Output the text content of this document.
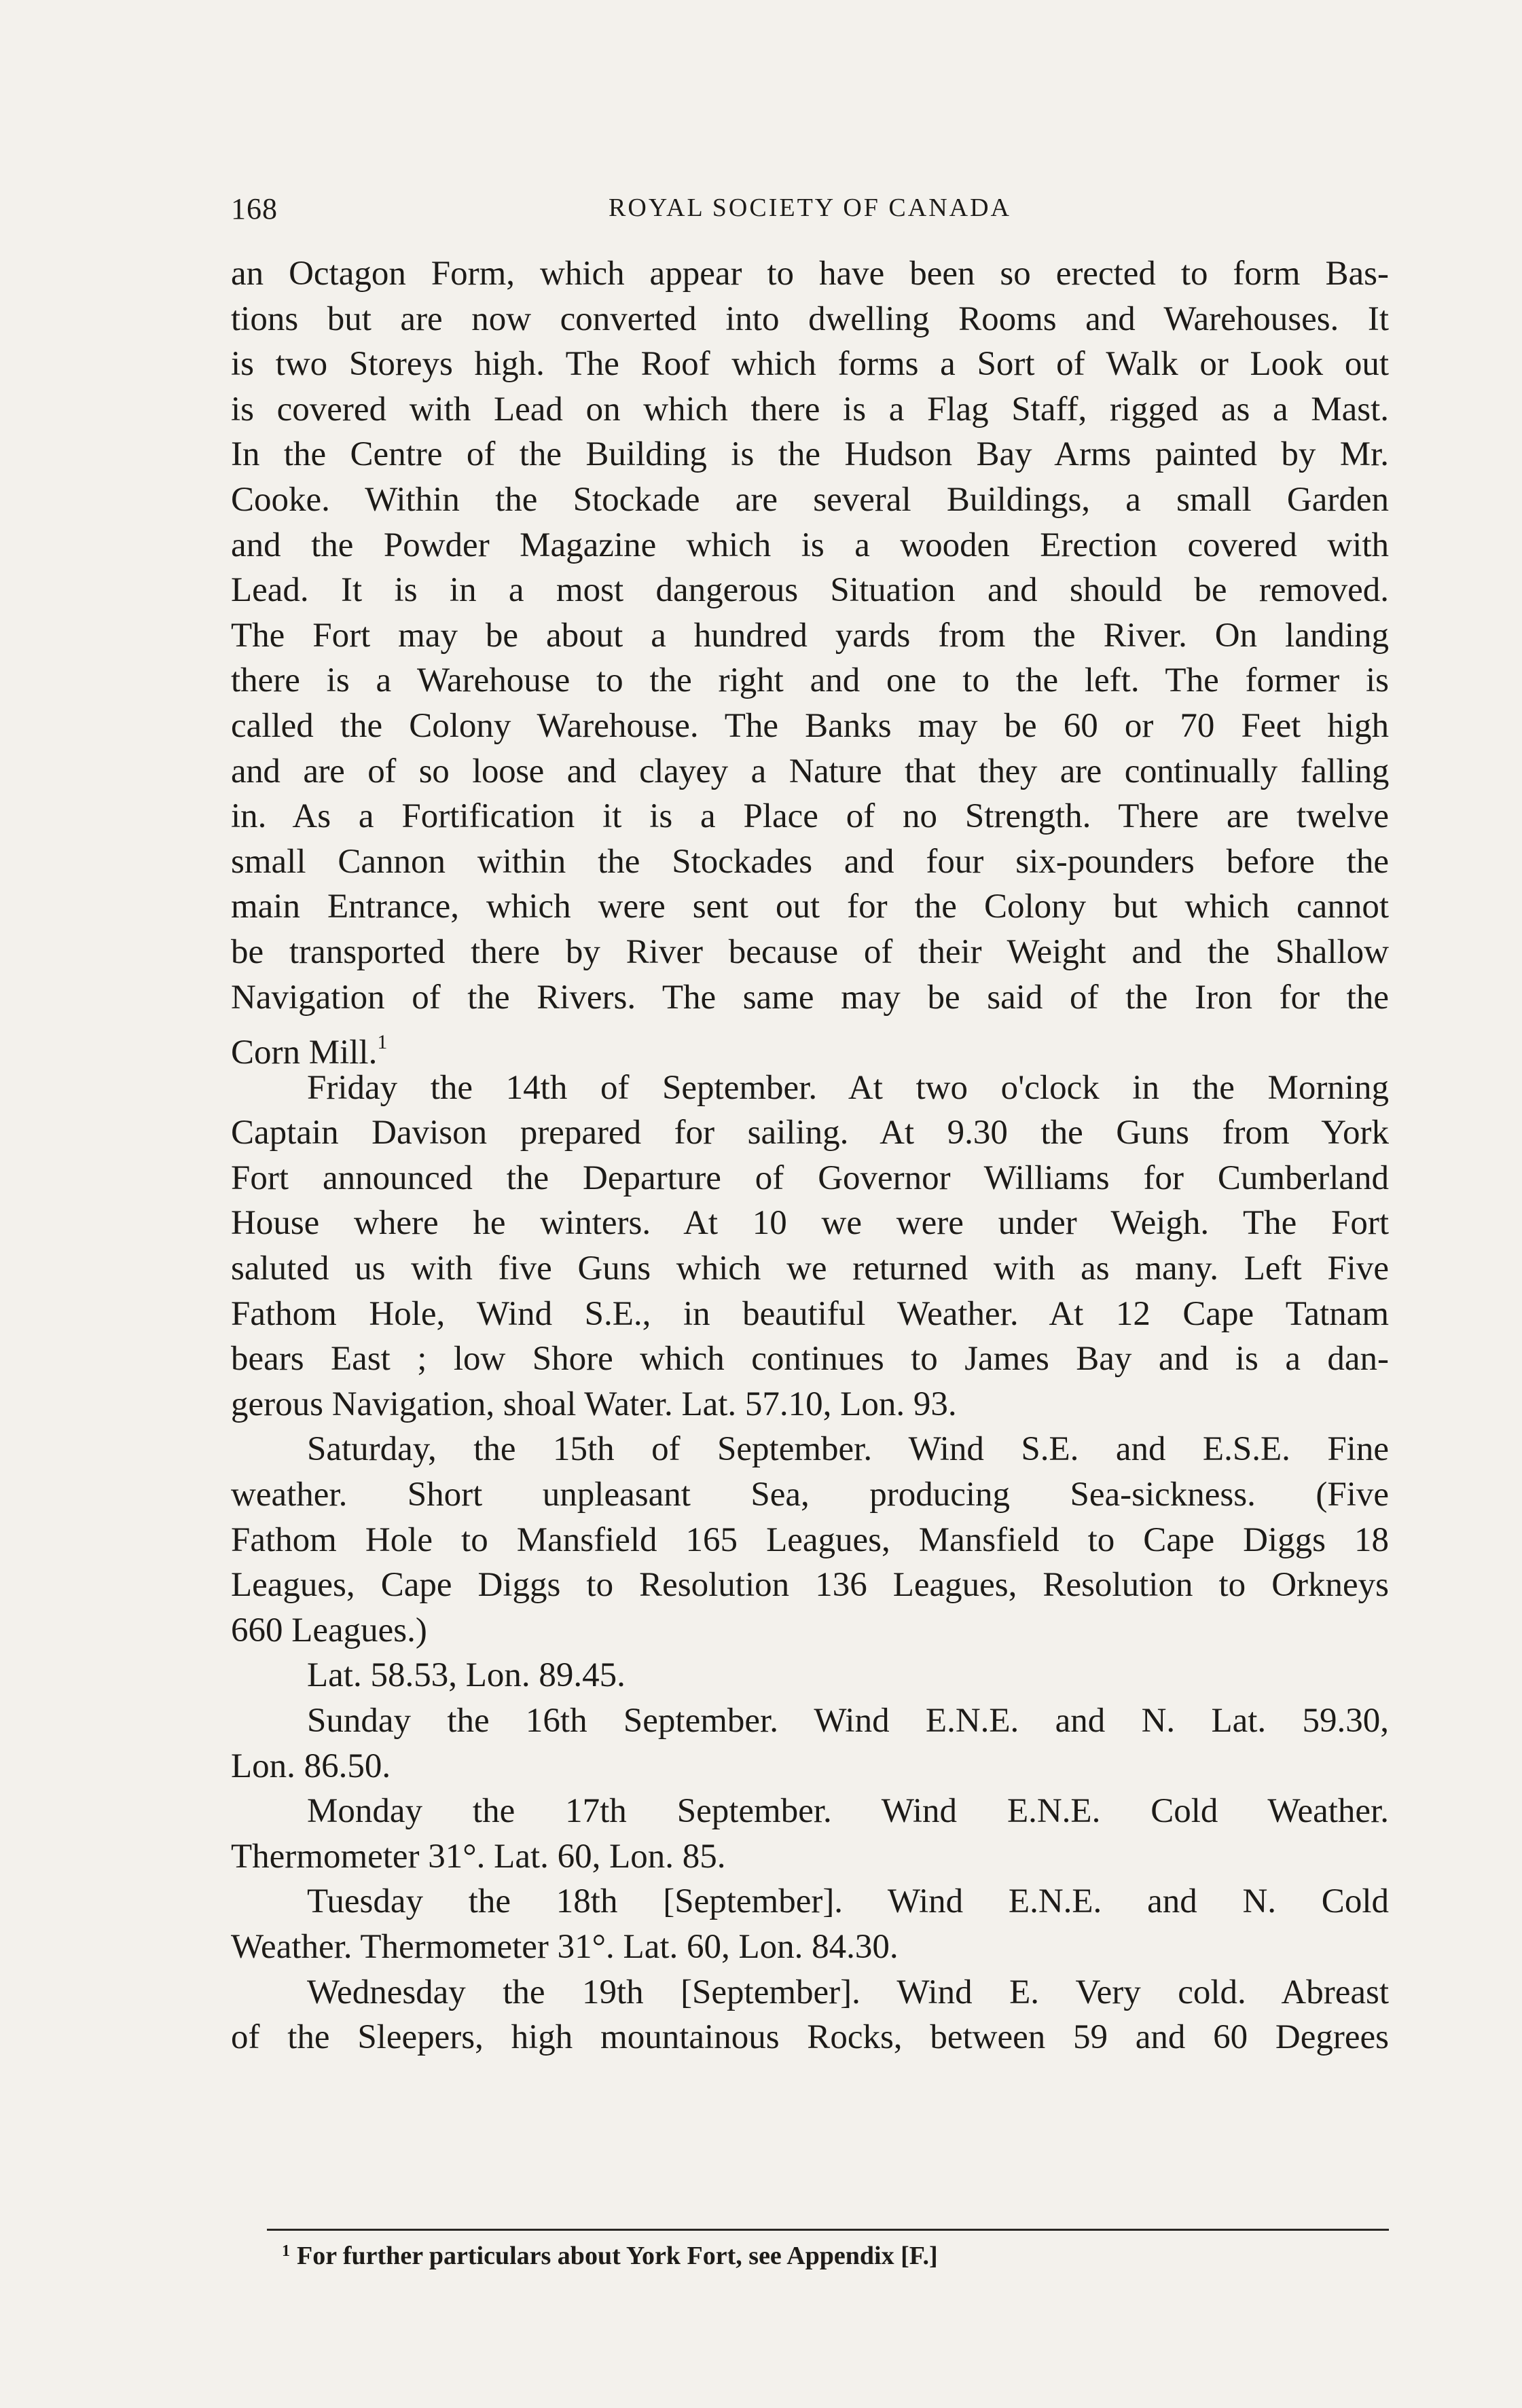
168	ROYAL SOCIETY OF CANADA
an Octagon Form, which appear to have been so erected to form Bas-
tions but are now converted into dwelling Rooms and Warehouses. It
is two Storeys high. The Roof which forms a Sort of Walk or Look out
is covered with Lead on which there is a Flag Staff, rigged as a Mast.
In the Centre of the Building is the Hudson Bay Arms painted by Mr.
Cooke. Within the Stockade are several Buildings, a small Garden
and the Powder Magazine which is a wooden Erection covered with
Lead. It is in a most dangerous Situation and should be removed.
The Fort may be about a hundred yards from the River. On landing
there is a Warehouse to the right and one to the left. The former is
called the Colony Warehouse. The Banks may be 60 or 70 Feet high
and are of so loose and clayey a Nature that they are continually falling
in. As a Fortification it is a Place of no Strength. There are twelve
small Cannon within the Stockades and four six-pounders before the
main Entrance, which were sent out for the Colony but which cannot
be transported there by River because of their Weight and the Shallow
Navigation of the Rivers. The same may be said of the Iron for the
Corn Mill.$^1$
Friday the 14th of September. At two o'clock in the Morning
Captain Davison prepared for sailing. At 9.30 the Guns from York
Fort announced the Departure of Governor Williams for Cumberland
House where he winters. At 10 we were under Weigh. The Fort
saluted us with five Guns which we returned with as many. Left Five
Fathom Hole, Wind S.E., in beautiful Weather. At 12 Cape Tatnam
bears East ; low Shore which continues to James Bay and is a dan-
gerous Navigation, shoal Water. Lat. 57.10, Lon. 93.
Saturday, the 15th of September. Wind S.E. and E.S.E. Fine
weather. Short unpleasant Sea, producing Sea-sickness. (Five
Fathom Hole to Mansfield 165 Leagues, Mansfield to Cape Diggs 18
Leagues, Cape Diggs to Resolution 136 Leagues, Resolution to Orkneys
660 Leagues.)
Lat. 58.53, Lon. 89.45.
Sunday the 16th September. Wind E.N.E. and N. Lat. 59.30,
Lon. 86.50.
Monday the 17th September. Wind E.N.E. Cold Weather.
Thermometer 31°. Lat. 60, Lon. 85.
Tuesday the 18th [September]. Wind E.N.E. and N. Cold
Weather. Thermometer 31°. Lat. 60, Lon. 84.30.
Wednesday the 19th [September]. Wind E. Very cold. Abreast
of the Sleepers, high mountainous Rocks, between 59 and 60 Degrees
$^1$ For further particulars about York Fort, see Appendix [F.]
